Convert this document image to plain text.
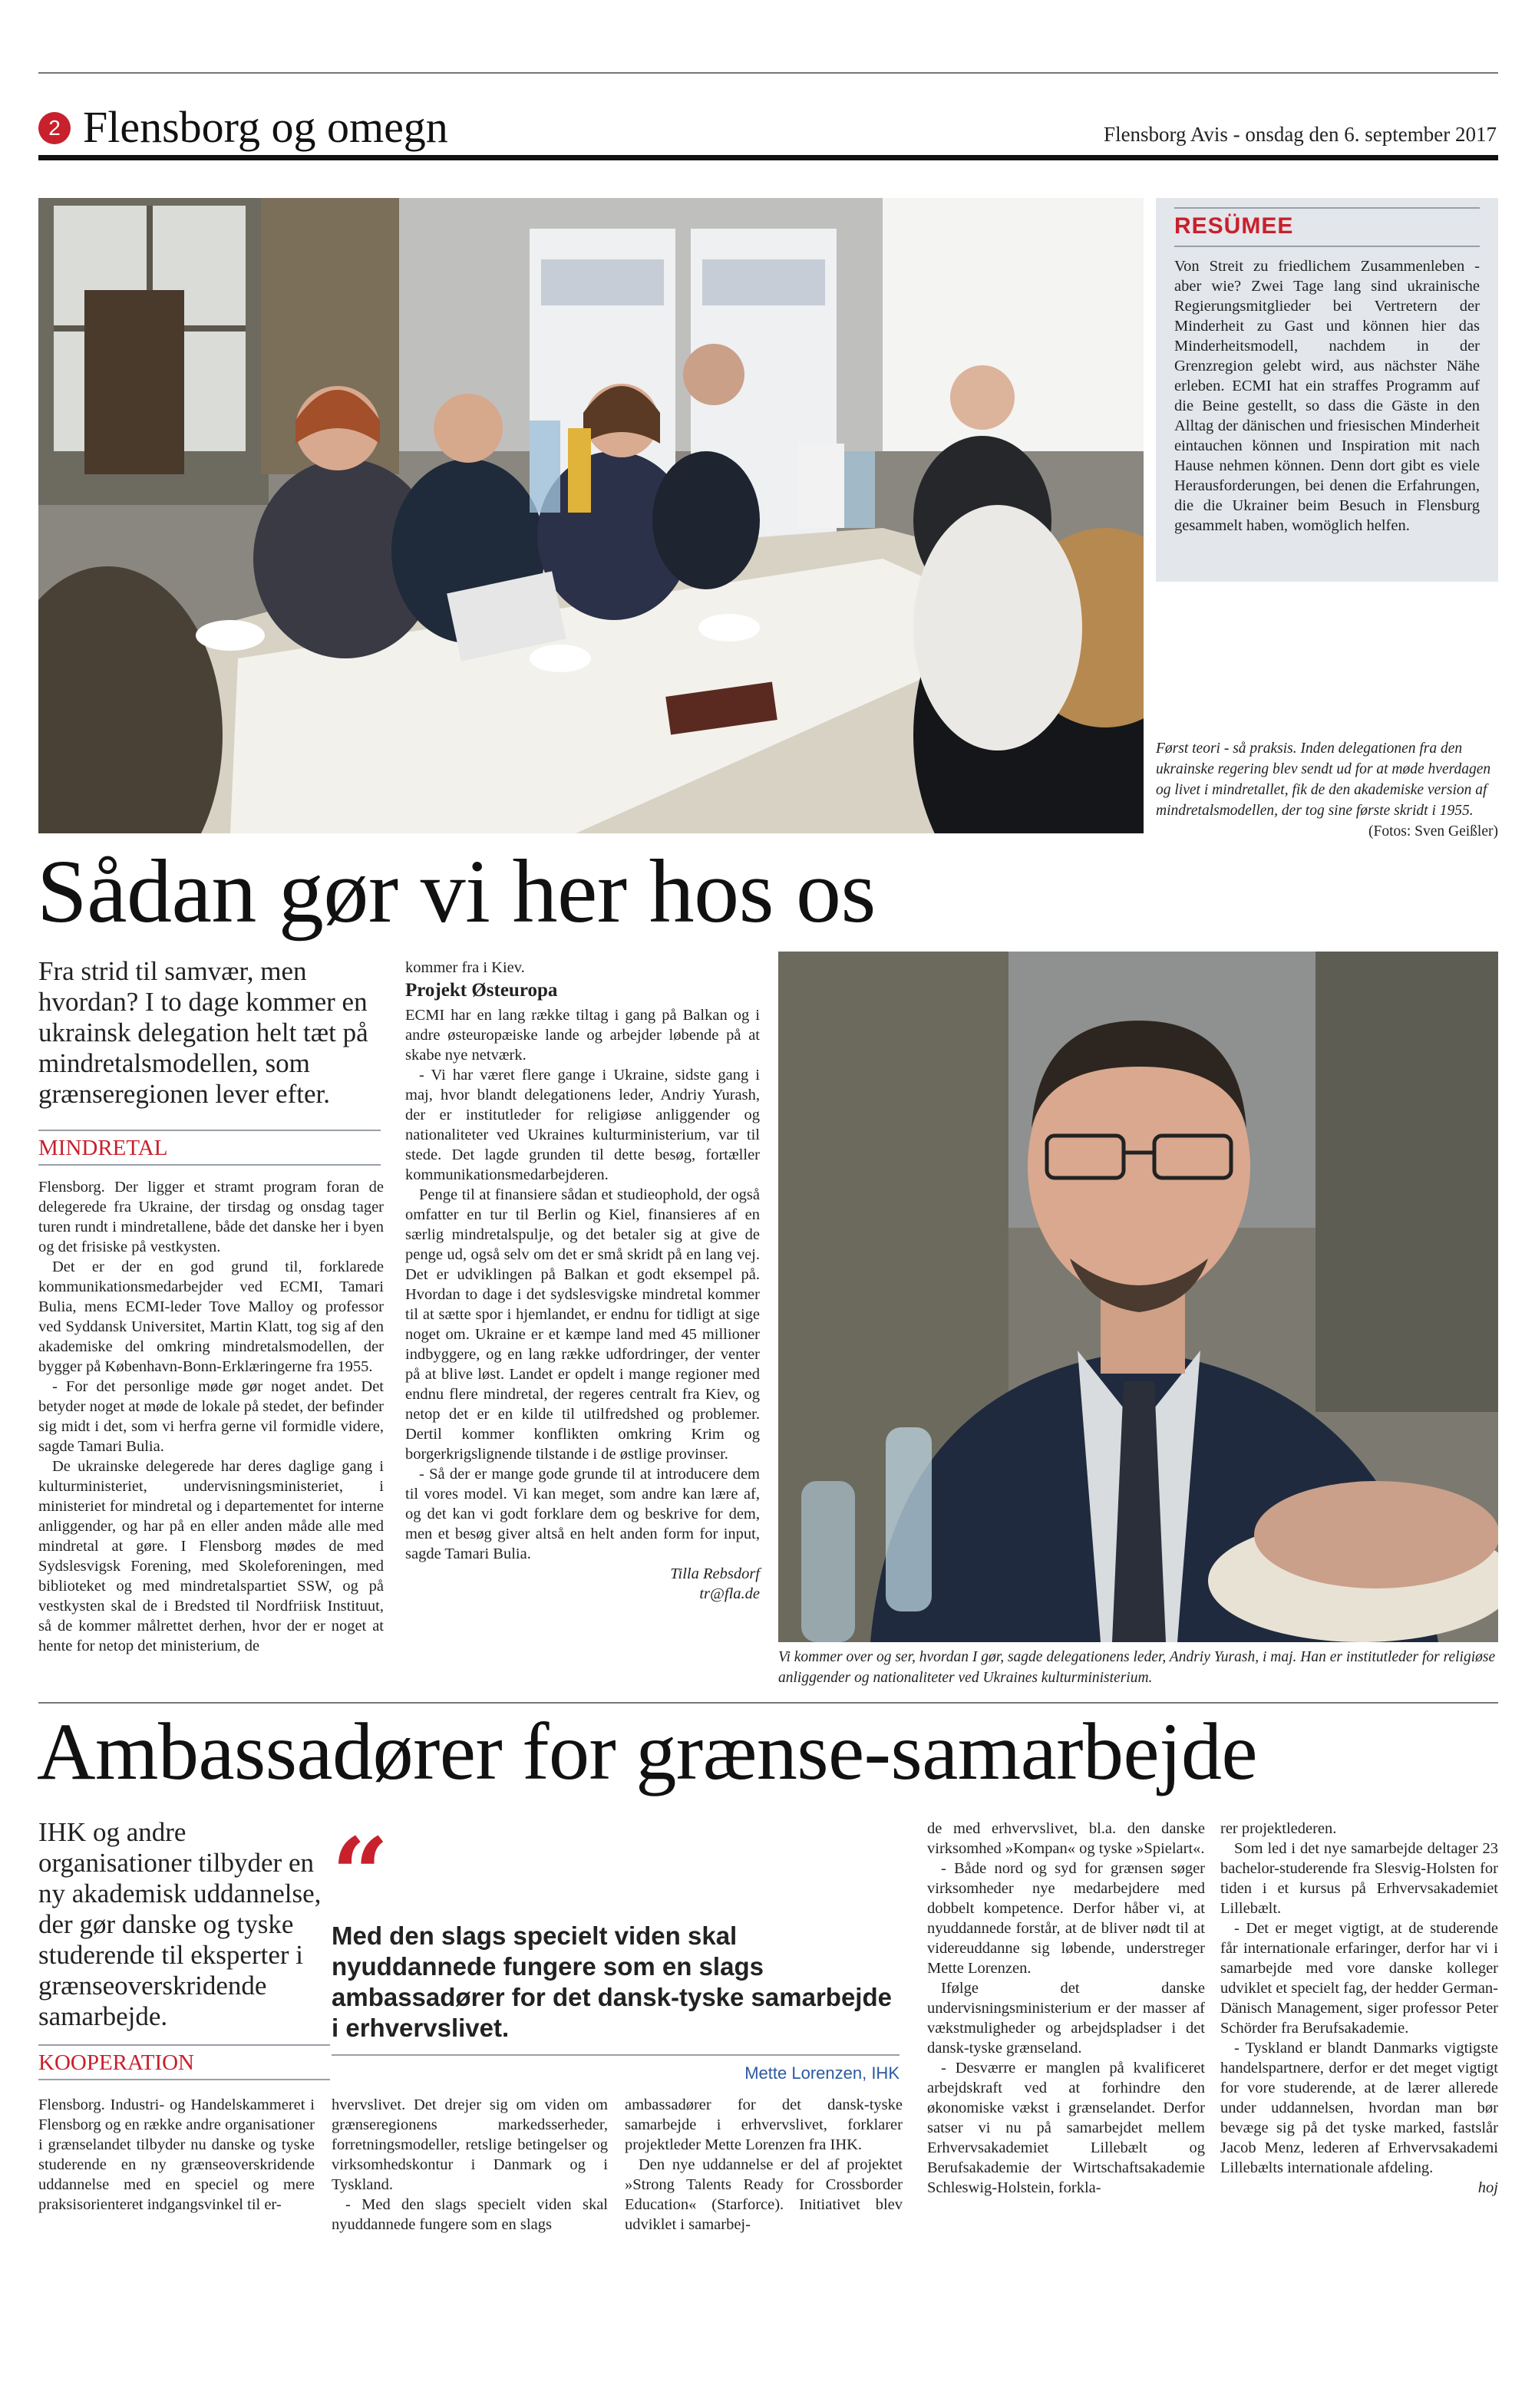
2 Flensborg og omegn	Flensborg Avis - onsdag den 6. september 2017
RESÜMEE

Von Streit zu friedlichem Zusammenleben - aber wie? Zwei Tage lang sind ukrainische Regierungsmitglieder bei Vertretern der Minderheit zu Gast und können hier das Minderheitsmodell, nachdem in der Grenzregion gelebt wird, aus nächster Nähe erleben. ECMI hat ein straffes Programm auf die Beine gestellt, so dass die Gäste in den Alltag der dänischen und friesischen Minderheit eintauchen können und Inspiration mit nach Hause nehmen können. Denn dort gibt es viele Herausforderungen, bei denen die Erfahrungen, die die Ukrainer beim Besuch in Flensburg gesammelt haben, womöglich helfen.

Først teori - så praksis. Inden delegationen fra den ukrainske regering blev sendt ud for at møde hverdagen og livet i mindretallet, fik de den akademiske version af mindretalsmodellen, der tog sine første skridt i 1955.
(Fotos: Sven Geißler)
Sådan gør vi her hos os
Fra strid til samvær, men hvordan? I to dage kommer en ukrainsk delegation helt tæt på mindretalsmodellen, som grænseregionen lever efter.
MINDRETAL

Flensborg. Der ligger et stramt program foran de delegerede fra Ukraine, der tirsdag og onsdag tager turen rundt i mindretallene, både det danske her i byen og det frisiske på vestkysten.

Det er der en god grund til, forklarede kommunikationsmedarbejder ved ECMI, Tamari Bulia, mens ECMI-leder Tove Malloy og professor ved Syddansk Universitet, Martin Klatt, tog sig af den akademiske del omkring mindretalsmodellen, der bygger på København-Bonn-Erklæringerne fra 1955.

- For det personlige møde gør noget andet. Det betyder noget at møde de lokale på stedet, der befinder sig midt i det, som vi herfra gerne vil formidle videre, sagde Tamari Bulia.

De ukrainske delegerede har deres daglige gang i kulturministeriet, undervisningsministeriet, i ministeriet for mindretal og i departementet for interne anliggender, og har på en eller anden måde alle med mindretal at gøre. I Flensborg mødes de med Sydslesvigsk Forening, med Skoleforeningen, med biblioteket og med mindretalspartiet SSW, og på vestkysten skal de i Bredsted til Nordfriisk Instituut, så de kommer målrettet derhen, hvor der er noget at hente for netop det ministerium, de

kommer fra i Kiev.

Projekt Østeuropa

ECMI har en lang række tiltag i gang på Balkan og i andre østeuropæiske lande og arbejder løbende på at skabe nye netværk.

- Vi har været flere gange i Ukraine, sidste gang i maj, hvor blandt delegationens leder, Andriy Yurash, der er institutleder for religiøse anliggender og nationaliteter ved Ukraines kulturministerium, var til stede. Det lagde grunden til dette besøg, fortæller kommunikationsmedarbejderen.

Penge til at finansiere sådan et studieophold, der også omfatter en tur til Berlin og Kiel, finansieres af en særlig mindretalspulje, og det betaler sig at give de penge ud, også selv om det er små skridt på en lang vej. Det er udviklingen på Balkan et godt eksempel på. Hvordan to dage i det sydslesvigske mindretal kommer til at sætte spor i hjemlandet, er endnu for tidligt at sige noget om. Ukraine er et kæmpe land med 45 millioner indbyggere, og en lang række udfordringer, der venter på at blive løst. Landet er opdelt i mange regioner med endnu flere mindretal, der regeres centralt fra Kiev, og netop det er en kilde til utilfredshed og problemer. Dertil kommer konflikten omkring Krim og borgerkrigslignende tilstande i de østlige provinser.

- Så der er mange gode grunde til at introducere dem til vores model. Vi kan meget, som andre kan lære af, og det kan vi godt forklare dem og beskrive for dem, men et besøg giver altså en helt anden form for input, sagde Tamari Bulia.

Tilla Rebsdorf
tr@fla.de
Vi kommer over og ser, hvordan I gør, sagde delegationens leder, Andriy Yurash, i maj. Han er institutleder for religiøse anliggender og nationaliteter ved Ukraines kulturministerium.
Ambassadører for grænse-samarbejde
IHK og andre organisationer tilbyder en ny akademisk uddannelse, der gør danske og tyske studerende til eksperter i grænseoverskridende samarbejde.
“
Med den slags specielt viden skal nyuddannede fungere som en slags ambassadører for det dansk-tyske samarbejde i erhvervslivet.
Mette Lorenzen, IHK
KOOPERATION

Flensborg. Industri- og Handelskammeret i Flensborg og en række andre organisationer i grænselandet tilbyder nu danske og tyske studerende en ny grænseoverskridende uddannelse med en speciel og mere praksisorienteret indgangsvinkel til er-

hvervslivet. Det drejer sig om viden om grænseregionens markedsserheder, forretningsmodeller, retslige betingelser og virksomhedskontur i Danmark og i Tyskland.

- Med den slags specielt viden skal nyuddannede fungere som en slags

ambassadører for det dansk-tyske samarbejde i erhvervslivet, forklarer projektleder Mette Lorenzen fra IHK.

Den nye uddannelse er del af projektet »Strong Talents Ready for Crossborder Education« (Starforce). Initiativet blev udviklet i samarbej-

de med erhvervslivet, bl.a. den danske virksomhed »Kompan« og tyske »Spielart«.

- Både nord og syd for grænsen søger virksomheder nye medarbejdere med dobbelt kompetence. Derfor håber vi, at nyuddannede forstår, at de bliver nødt til at videreuddanne sig løbende, understreger Mette Lorenzen.

Ifølge det danske undervisningsministerium er der masser af vækstmuligheder og arbejdspladser i det dansk-tyske grænseland.

- Desværre er manglen på kvalificeret arbejdskraft ved at forhindre den økonomiske vækst i grænselandet. Derfor satser vi nu på samarbejdet mellem Erhvervsakademiet Lillebælt og Berufsakademie der Wirtschaftsakademie Schleswig-Holstein, forkla-

rer projektlederen.

Som led i det nye samarbejde deltager 23 bachelor-studerende fra Slesvig-Holsten for tiden i et kursus på Erhvervsakademiet Lillebælt.

- Det er meget vigtigt, at de studerende får internationale erfaringer, derfor har vi i samarbejde med vore danske kolleger udviklet et specielt fag, der hedder German-Dänisch Management, siger professor Peter Schörder fra Berufsakademie.

- Tyskland er blandt Danmarks vigtigste handelspartnere, derfor er det meget vigtigt for vore studerende, at de lærer allerede under uddannelsen, hvordan man bør bevæge sig på det tyske marked, fastslår Jacob Menz, lederen af Erhvervsakademi Lillebælts internationale afdeling.

hoj
